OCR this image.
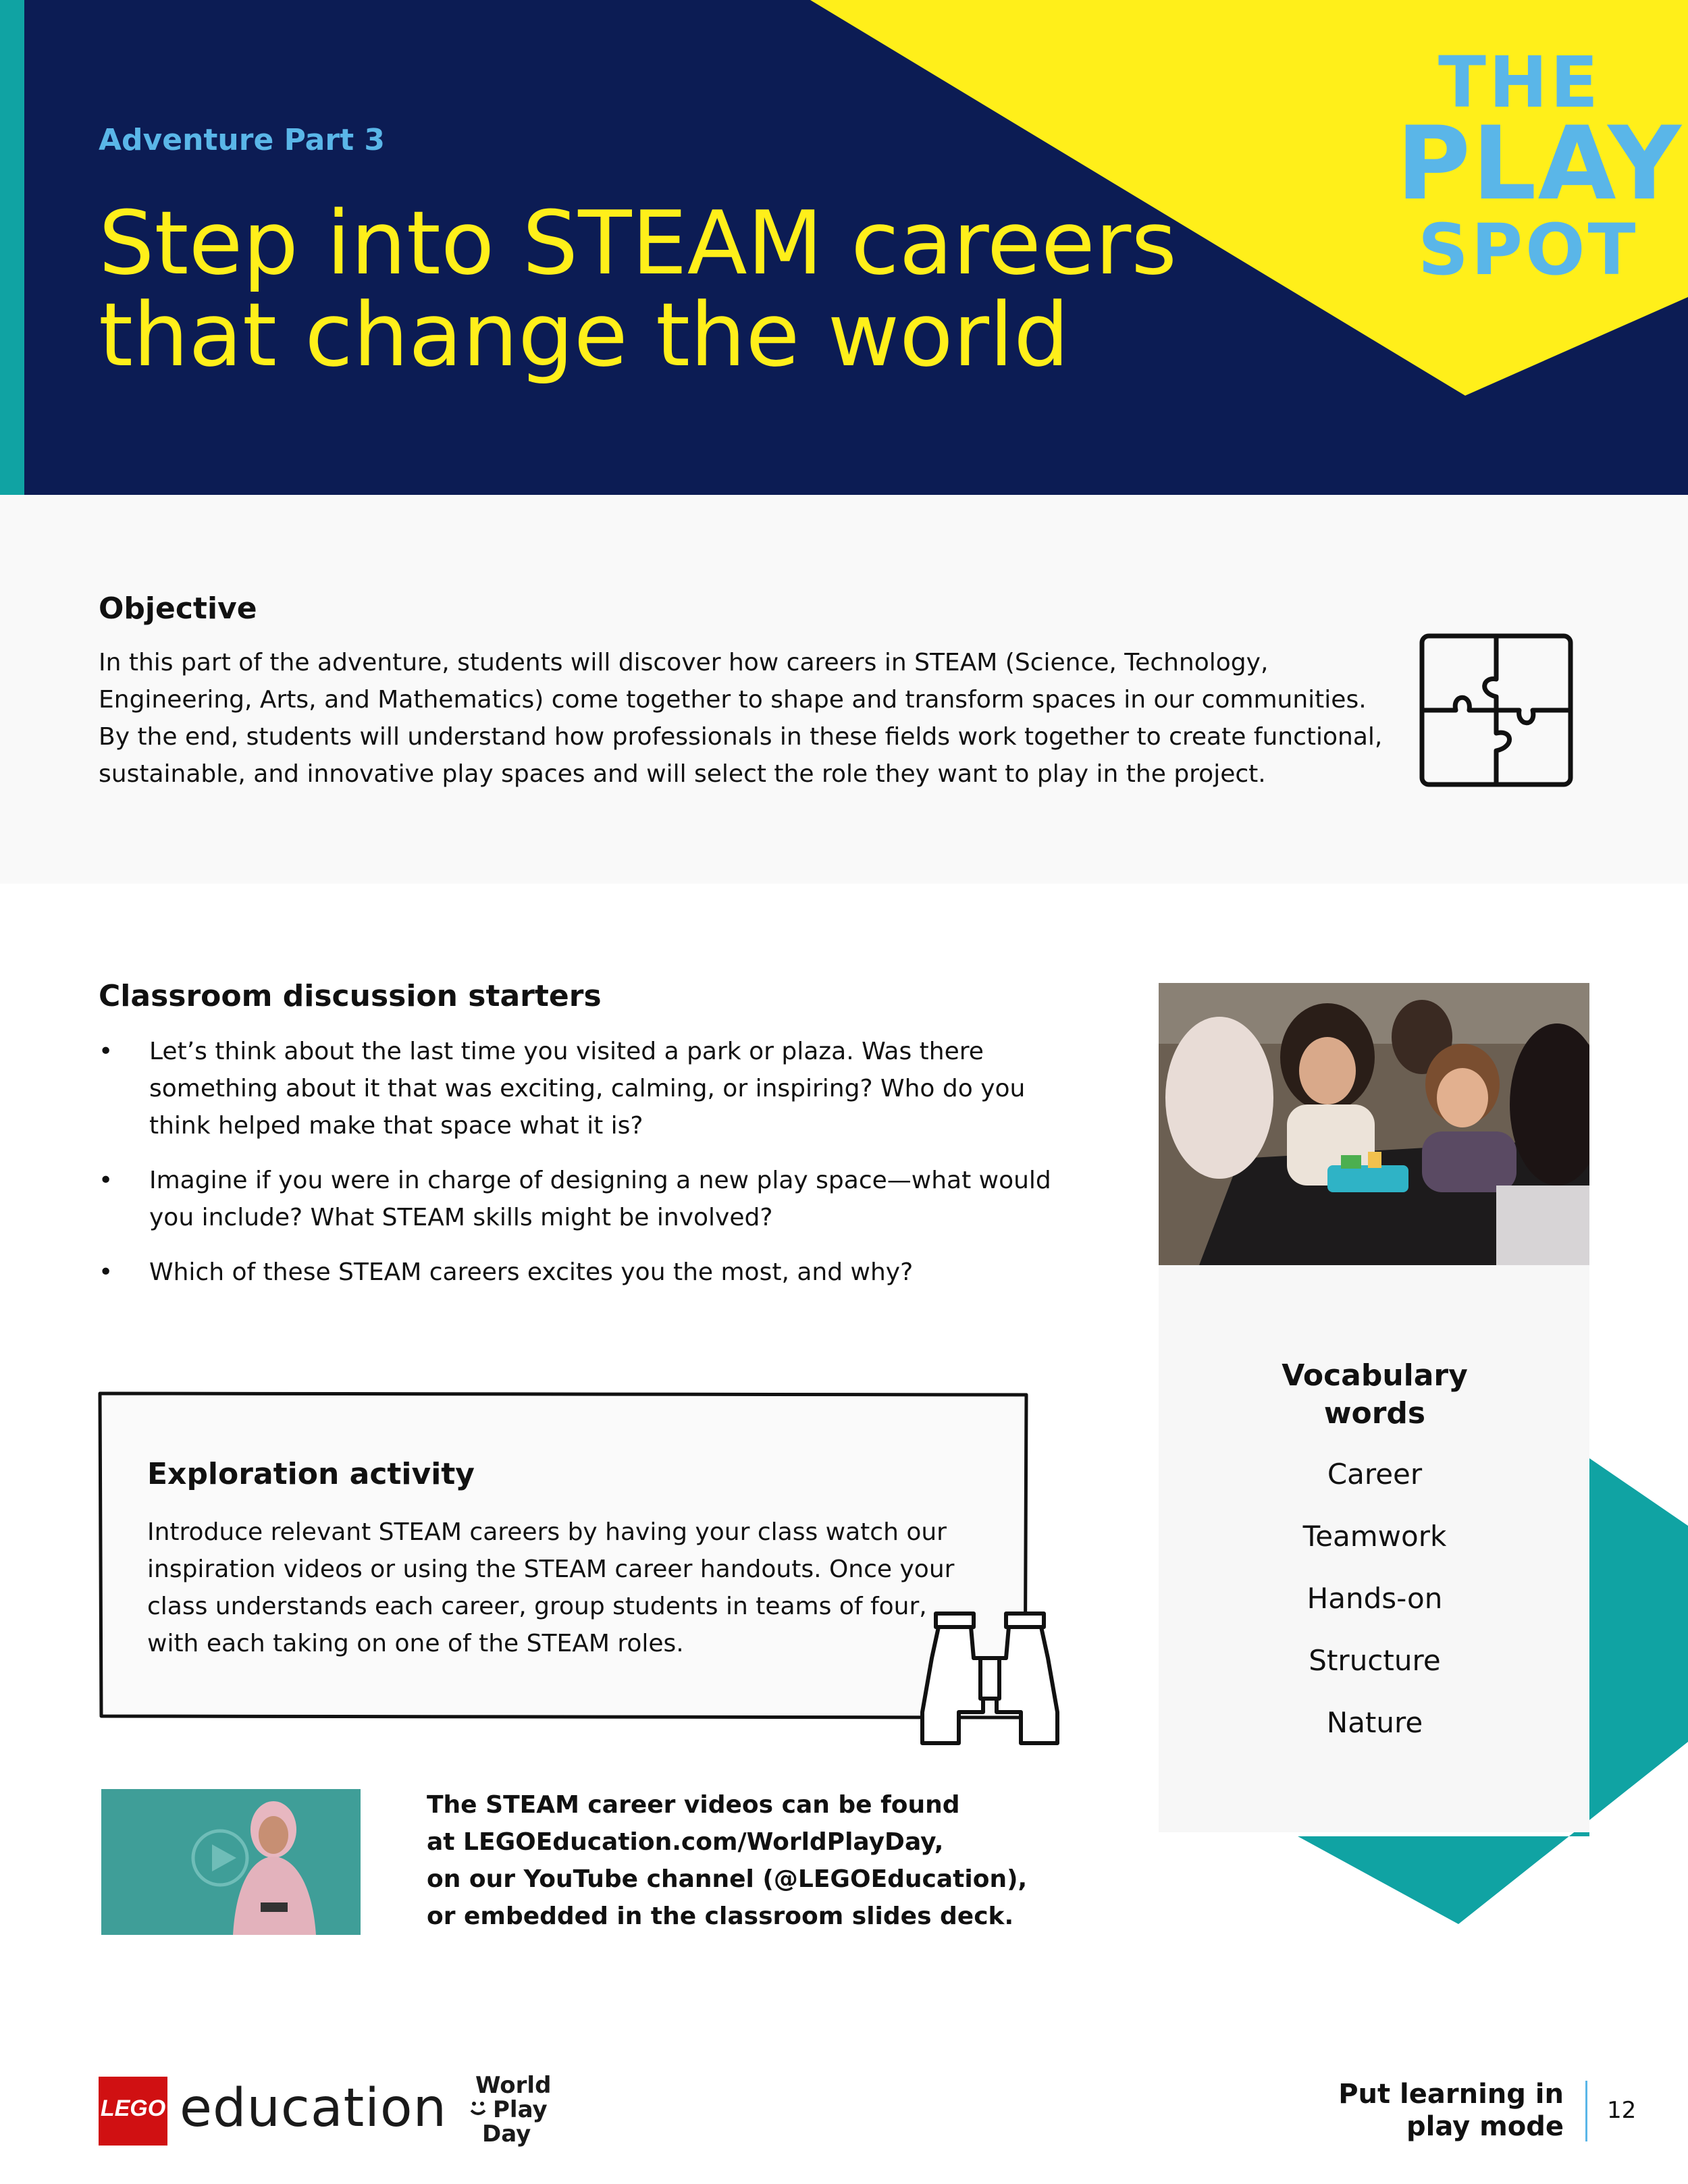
Adventure Part 3
Step into STEAM careers
that change the world
THE
PLAY
SPOT
Objective
In this part of the adventure, students will discover how careers in STEAM (Science, Technology, Engineering, Arts, and Mathematics) come together to shape and transform spaces in our communities. By the end, students will understand how professionals in these fields work together to create functional, sustainable, and innovative play spaces and will select the role they want to play in the project.
Classroom discussion starters
• Let’s think about the last time you visited a park or plaza. Was there something about it that was exciting, calming, or inspiring? Who do you think helped make that space what it is?
• Imagine if you were in charge of designing a new play space—what would you include? What STEAM skills might be involved?
• Which of these STEAM careers excites you the most, and why?
Vocabulary words
Career
Teamwork
Hands-on
Structure
Nature
Exploration activity
Introduce relevant STEAM careers by having your class watch our inspiration videos or using the STEAM career handouts. Once your class understands each career, group students in teams of four, with each taking on one of the STEAM roles.
The STEAM career videos can be found
at LEGOEducation.com/WorldPlayDay,
on our YouTube channel (@LEGOEducation),
or embedded in the classroom slides deck.
LEGO education World
Play
Day
Put learning in
play mode
12
